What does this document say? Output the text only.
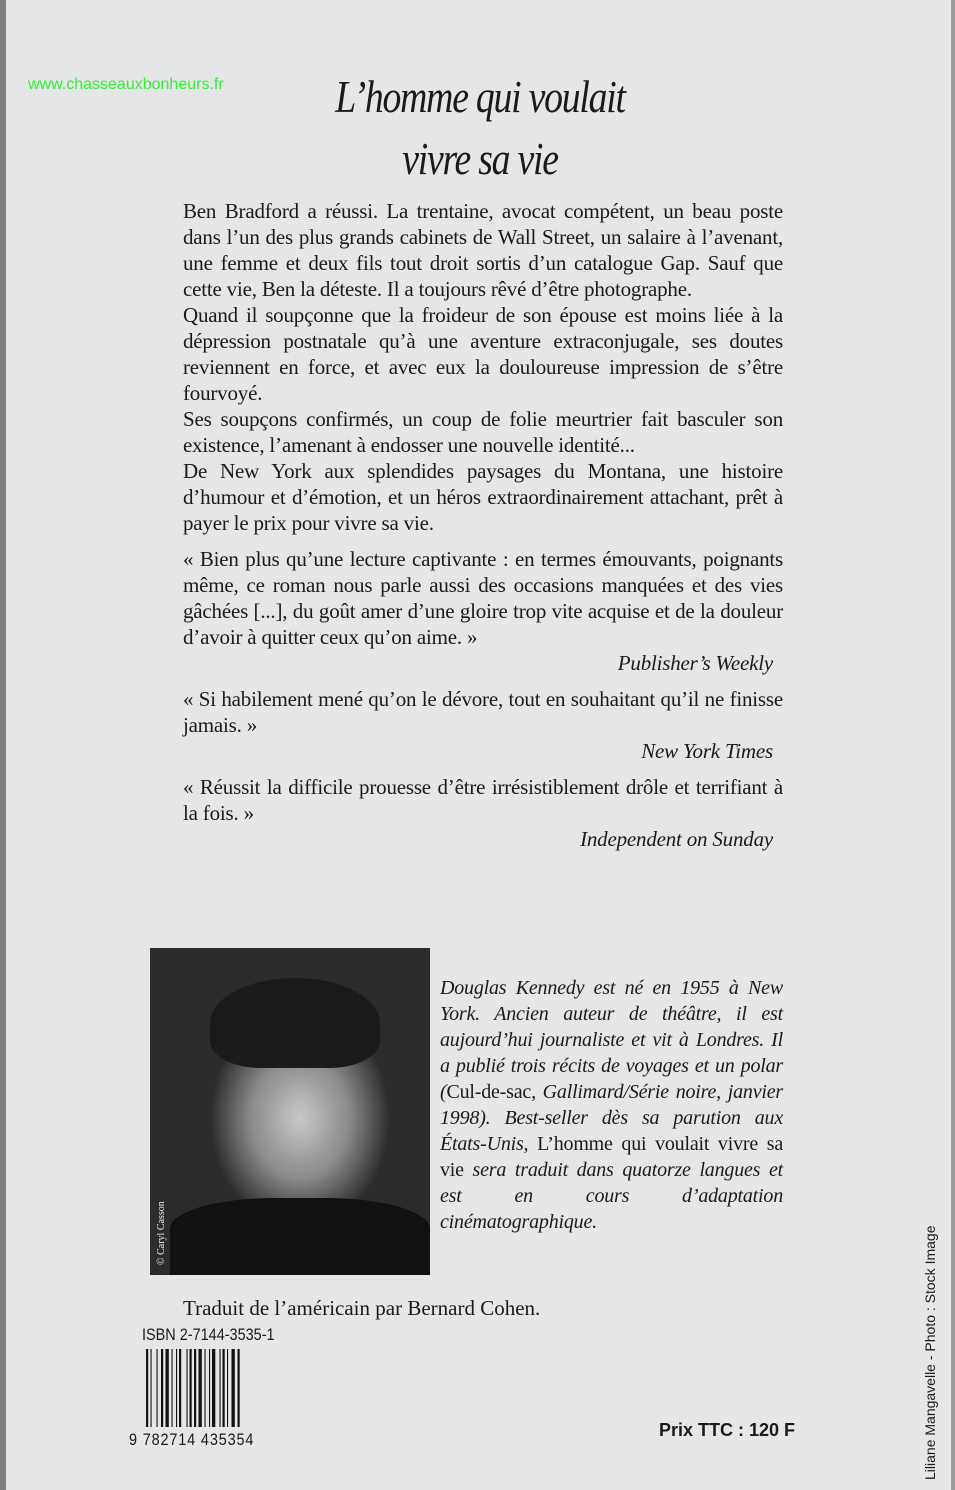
www.chasseauxbonheurs.fr	L’homme qui voulait
vivre sa vie

Ben Bradford a réussi. La trentaine, avocat compétent, un beau poste dans l’un des plus grands cabinets de Wall Street, un salaire à l’avenant, une femme et deux fils tout droit sortis d’un catalogue Gap. Sauf que cette vie, Ben la déteste. Il a toujours rêvé d’être photographe.

Quand il soupçonne que la froideur de son épouse est moins liée à la dépression postnatale qu’à une aventure extraconjugale, ses doutes reviennent en force, et avec eux la douloureuse impression de s’être fourvoyé.

Ses soupçons confirmés, un coup de folie meurtrier fait basculer son existence, l’amenant à endosser une nouvelle identité...

De New York aux splendides paysages du Montana, une histoire d’humour et d’émotion, et un héros extraordinairement attachant, prêt à payer le prix pour vivre sa vie.

« Bien plus qu’une lecture captivante : en termes émouvants, poignants même, ce roman nous parle aussi des occasions manquées et des vies gâchées [...], du goût amer d’une gloire trop vite acquise et de la douleur d’avoir à quitter ceux qu’on aime. »

Publisher’s Weekly

« Si habilement mené qu’on le dévore, tout en souhaitant qu’il ne finisse jamais. »

New York Times

« Réussit la difficile prouesse d’être irrésistiblement drôle et terrifiant à la fois. »

Independent on Sunday

© Caryl Casson
Douglas Kennedy est né en 1955 à New York. Ancien auteur de théâtre, il est aujourd’hui journaliste et vit à Londres. Il a publié trois récits de voyages et un polar (Cul-de-sac, Gallimard/Série noire, janvier 1998). Best-seller dès sa parution aux États-Unis, L’homme qui voulait vivre sa vie sera traduit dans quatorze langues et est en cours d’adaptation cinématographique.
Traduit de l’américain par Bernard Cohen.
ISBN 2-7144-3535-1
9 782714 435354	Prix TTC : 120 F	Liliane Mangavelle - Photo : Stock Image
